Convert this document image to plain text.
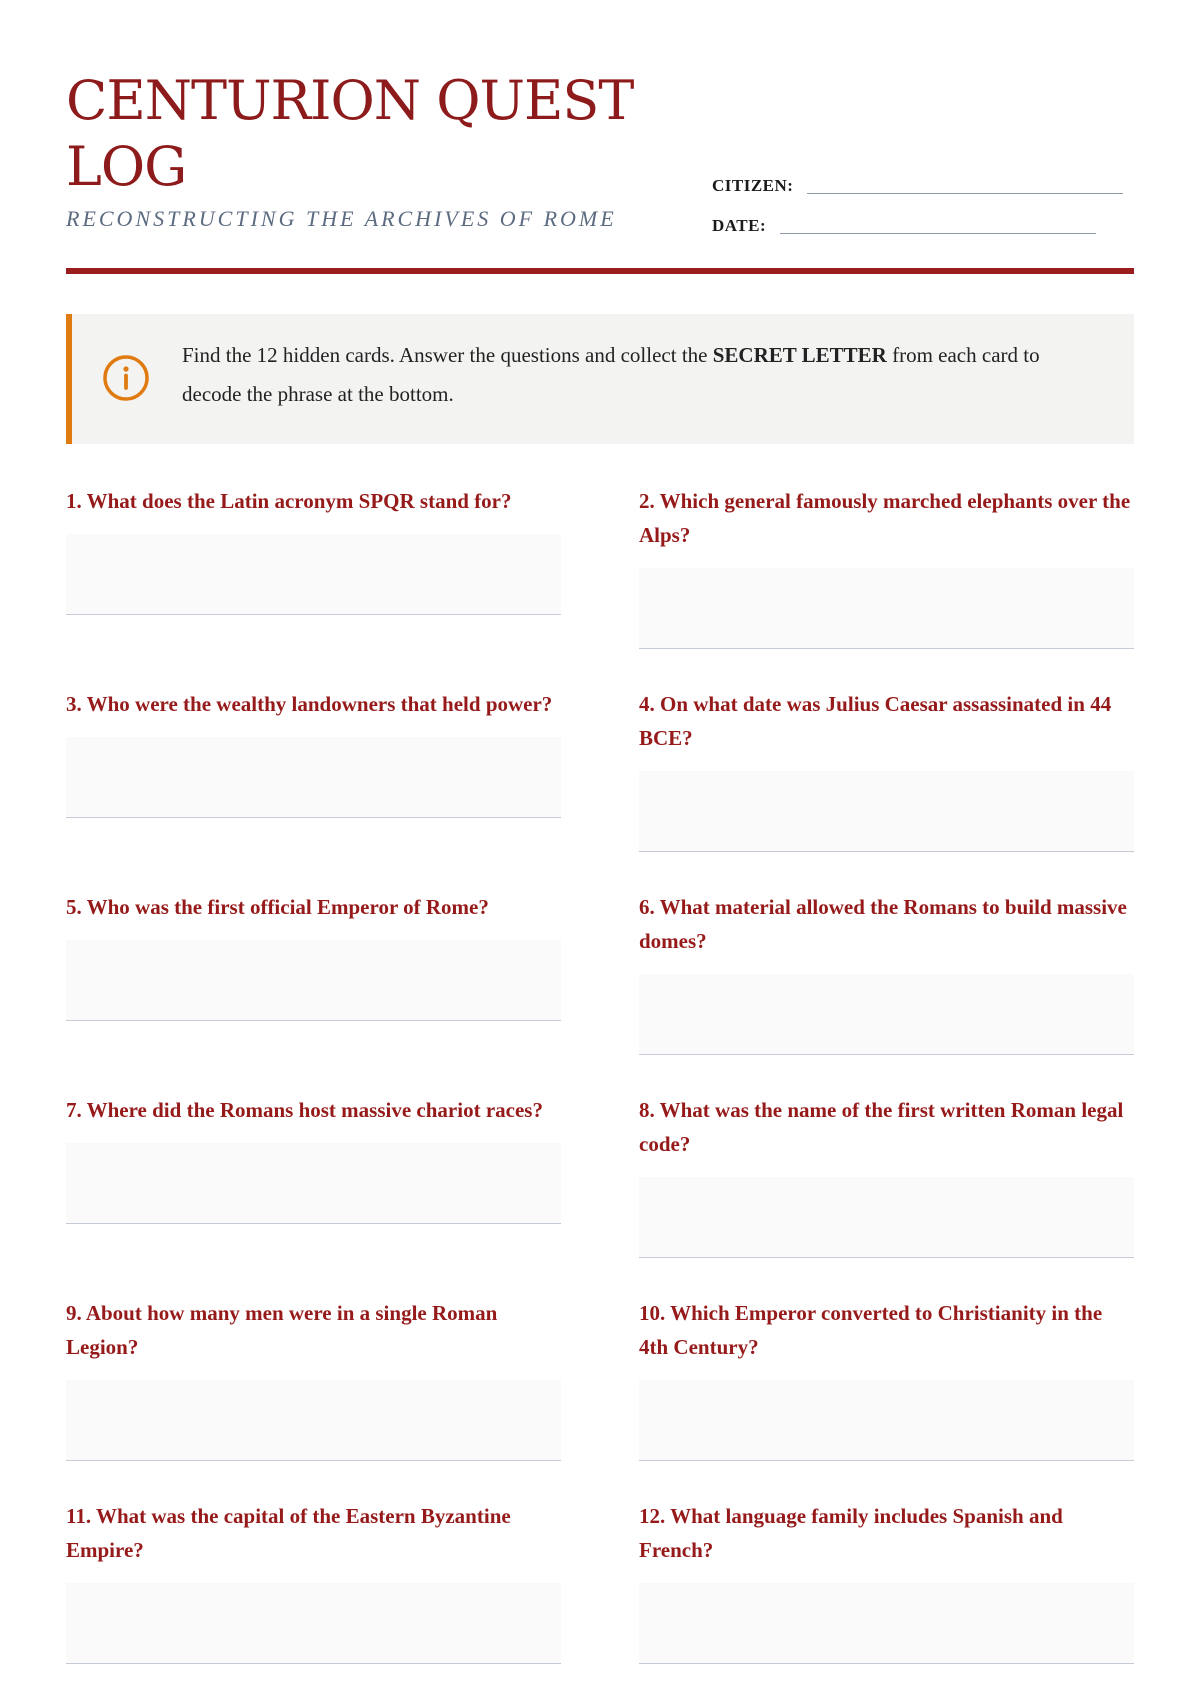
CENTURION QUEST LOG

RECONSTRUCTING THE ARCHIVES OF ROME

CITIZEN:
DATE:

Find the 12 hidden cards. Answer the questions and collect the SECRET LETTER from each card to decode the phrase at the bottom.

1. What does the Latin acronym SPQR stand for?	2. Which general famously marched elephants over the Alps?

3. Who were the wealthy landowners that held power?	4. On what date was Julius Caesar assassinated in 44 BCE?

5. Who was the first official Emperor of Rome?	6. What material allowed the Romans to build massive domes?

7. Where did the Romans host massive chariot races?	8. What was the name of the first written Roman legal code?

9. About how many men were in a single Roman Legion?

10. Which Emperor converted to Christianity in the 4th Century?

11. What was the capital of the Eastern Byzantine Empire?

12. What language family includes Spanish and French?
